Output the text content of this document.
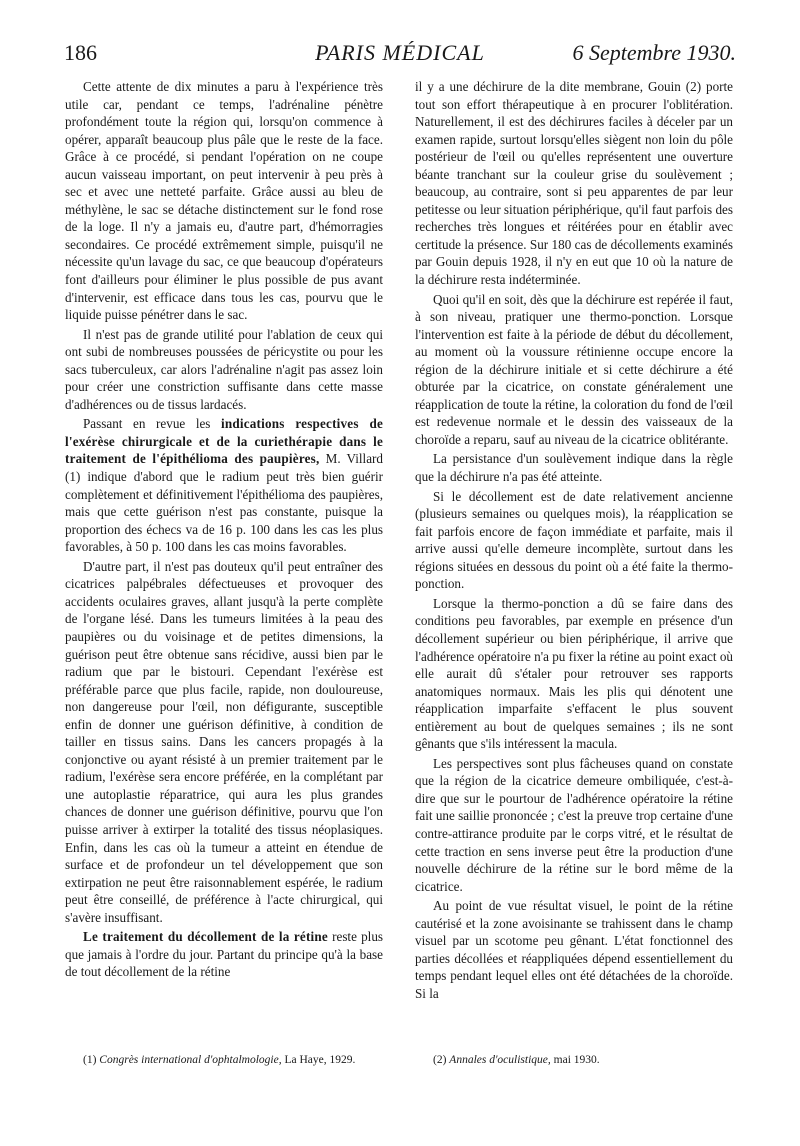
186	PARIS MÉDICAL	6 Septembre 1930.

Cette attente de dix minutes a paru à l'expérience très utile car, pendant ce temps, l'adrénaline pénètre profondément toute la région qui, lorsqu'on commence à opérer, apparaît beaucoup plus pâle que le reste de la face. Grâce à ce procédé, si pendant l'opération on ne coupe aucun vaisseau important, on peut intervenir à peu près à sec et avec une netteté parfaite. Grâce aussi au bleu de méthylène, le sac se détache distinctement sur le fond rose de la loge. Il n'y a jamais eu, d'autre part, d'hémorragies secondaires. Ce procédé extrêmement simple, puisqu'il ne nécessite qu'un lavage du sac, ce que beaucoup d'opérateurs font d'ailleurs pour éliminer le plus possible de pus avant d'intervenir, est efficace dans tous les cas, pourvu que le liquide puisse pénétrer dans le sac.

Il n'est pas de grande utilité pour l'ablation de ceux qui ont subi de nombreuses poussées de péricystite ou pour les sacs tuberculeux, car alors l'adrénaline n'agit pas assez loin pour créer une constriction suffisante dans cette masse d'adhérences ou de tissus lardacés.

Passant en revue les indications respectives de l'exérèse chirurgicale et de la curiethérapie dans le traitement de l'épithélioma des paupières, M. Villard (1) indique d'abord que le radium peut très bien guérir complètement et définitivement l'épithélioma des paupières, mais que cette guérison n'est pas constante, puisque la proportion des échecs va de 16 p. 100 dans les cas les plus favorables, à 50 p. 100 dans les cas moins favorables.

D'autre part, il n'est pas douteux qu'il peut entraîner des cicatrices palpébrales défectueuses et provoquer des accidents oculaires graves, allant jusqu'à la perte complète de l'organe lésé. Dans les tumeurs limitées à la peau des paupières ou du voisinage et de petites dimensions, la guérison peut être obtenue sans récidive, aussi bien par le radium que par le bistouri. Cependant l'exérèse est préférable parce que plus facile, rapide, non douloureuse, non dangereuse pour l'œil, non défigurante, susceptible enfin de donner une guérison définitive, à condition de tailler en tissus sains. Dans les cancers propagés à la conjonctive ou ayant résisté à un premier traitement par le radium, l'exérèse sera encore préférée, en la complétant par une autoplastie réparatrice, qui aura les plus grandes chances de donner une guérison définitive, pourvu que l'on puisse arriver à extirper la totalité des tissus néoplasiques. Enfin, dans les cas où la tumeur a atteint en étendue de surface et de profondeur un tel développement que son extirpation ne peut être raisonnablement espérée, le radium peut être conseillé, de préférence à l'acte chirurgical, qui s'avère insuffisant.

Le traitement du décollement de la rétine reste plus que jamais à l'ordre du jour. Partant du principe qu'à la base de tout décollement de la rétine

il y a une déchirure de la dite membrane, Gouin (2) porte tout son effort thérapeutique à en procurer l'oblitération. Naturellement, il est des déchirures faciles à déceler par un examen rapide, surtout lorsqu'elles siègent non loin du pôle postérieur de l'œil ou qu'elles représentent une ouverture béante tranchant sur la couleur grise du soulèvement ; beaucoup, au contraire, sont si peu apparentes de par leur petitesse ou leur situation périphérique, qu'il faut parfois des recherches très longues et réitérées pour en établir avec certitude la présence. Sur 180 cas de décollements examinés par Gouin depuis 1928, il n'y en eut que 10 où la nature de la déchirure resta indéterminée.

Quoi qu'il en soit, dès que la déchirure est repérée il faut, à son niveau, pratiquer une thermo-ponction. Lorsque l'intervention est faite à la période de début du décollement, au moment où la voussure rétinienne occupe encore la région de la déchirure initiale et si cette déchirure a été obturée par la cicatrice, on constate généralement une réapplication de toute la rétine, la coloration du fond de l'œil est redevenue normale et le dessin des vaisseaux de la choroïde a reparu, sauf au niveau de la cicatrice oblitérante.

La persistance d'un soulèvement indique dans la règle que la déchirure n'a pas été atteinte.

Si le décollement est de date relativement ancienne (plusieurs semaines ou quelques mois), la réapplication se fait parfois encore de façon immédiate et parfaite, mais il arrive aussi qu'elle demeure incomplète, surtout dans les régions situées en dessous du point où a été faite la thermo-ponction.

Lorsque la thermo-ponction a dû se faire dans des conditions peu favorables, par exemple en présence d'un décollement supérieur ou bien périphérique, il arrive que l'adhérence opératoire n'a pu fixer la rétine au point exact où elle aurait dû s'étaler pour retrouver ses rapports anatomiques normaux. Mais les plis qui dénotent une réapplication imparfaite s'effacent le plus souvent entièrement au bout de quelques semaines ; ils ne sont gênants que s'ils intéressent la macula.

Les perspectives sont plus fâcheuses quand on constate que la région de la cicatrice demeure ombiliquée, c'est-à-dire que sur le pourtour de l'adhérence opératoire la rétine fait une saillie prononcée ; c'est la preuve trop certaine d'une contre-attirance produite par le corps vitré, et le résultat de cette traction en sens inverse peut être la production d'une nouvelle déchirure de la rétine sur le bord même de la cicatrice.

Au point de vue résultat visuel, le point de la rétine cautérisé et la zone avoisinante se trahissent dans le champ visuel par un scotome peu gênant. L'état fonctionnel des parties décollées et réappliquées dépend essentiellement du temps pendant lequel elles ont été détachées de la choroïde. Si la

(1) Congrès international d'ophtalmologie, La Haye, 1929.	(2) Annales d'oculistique, mai 1930.
